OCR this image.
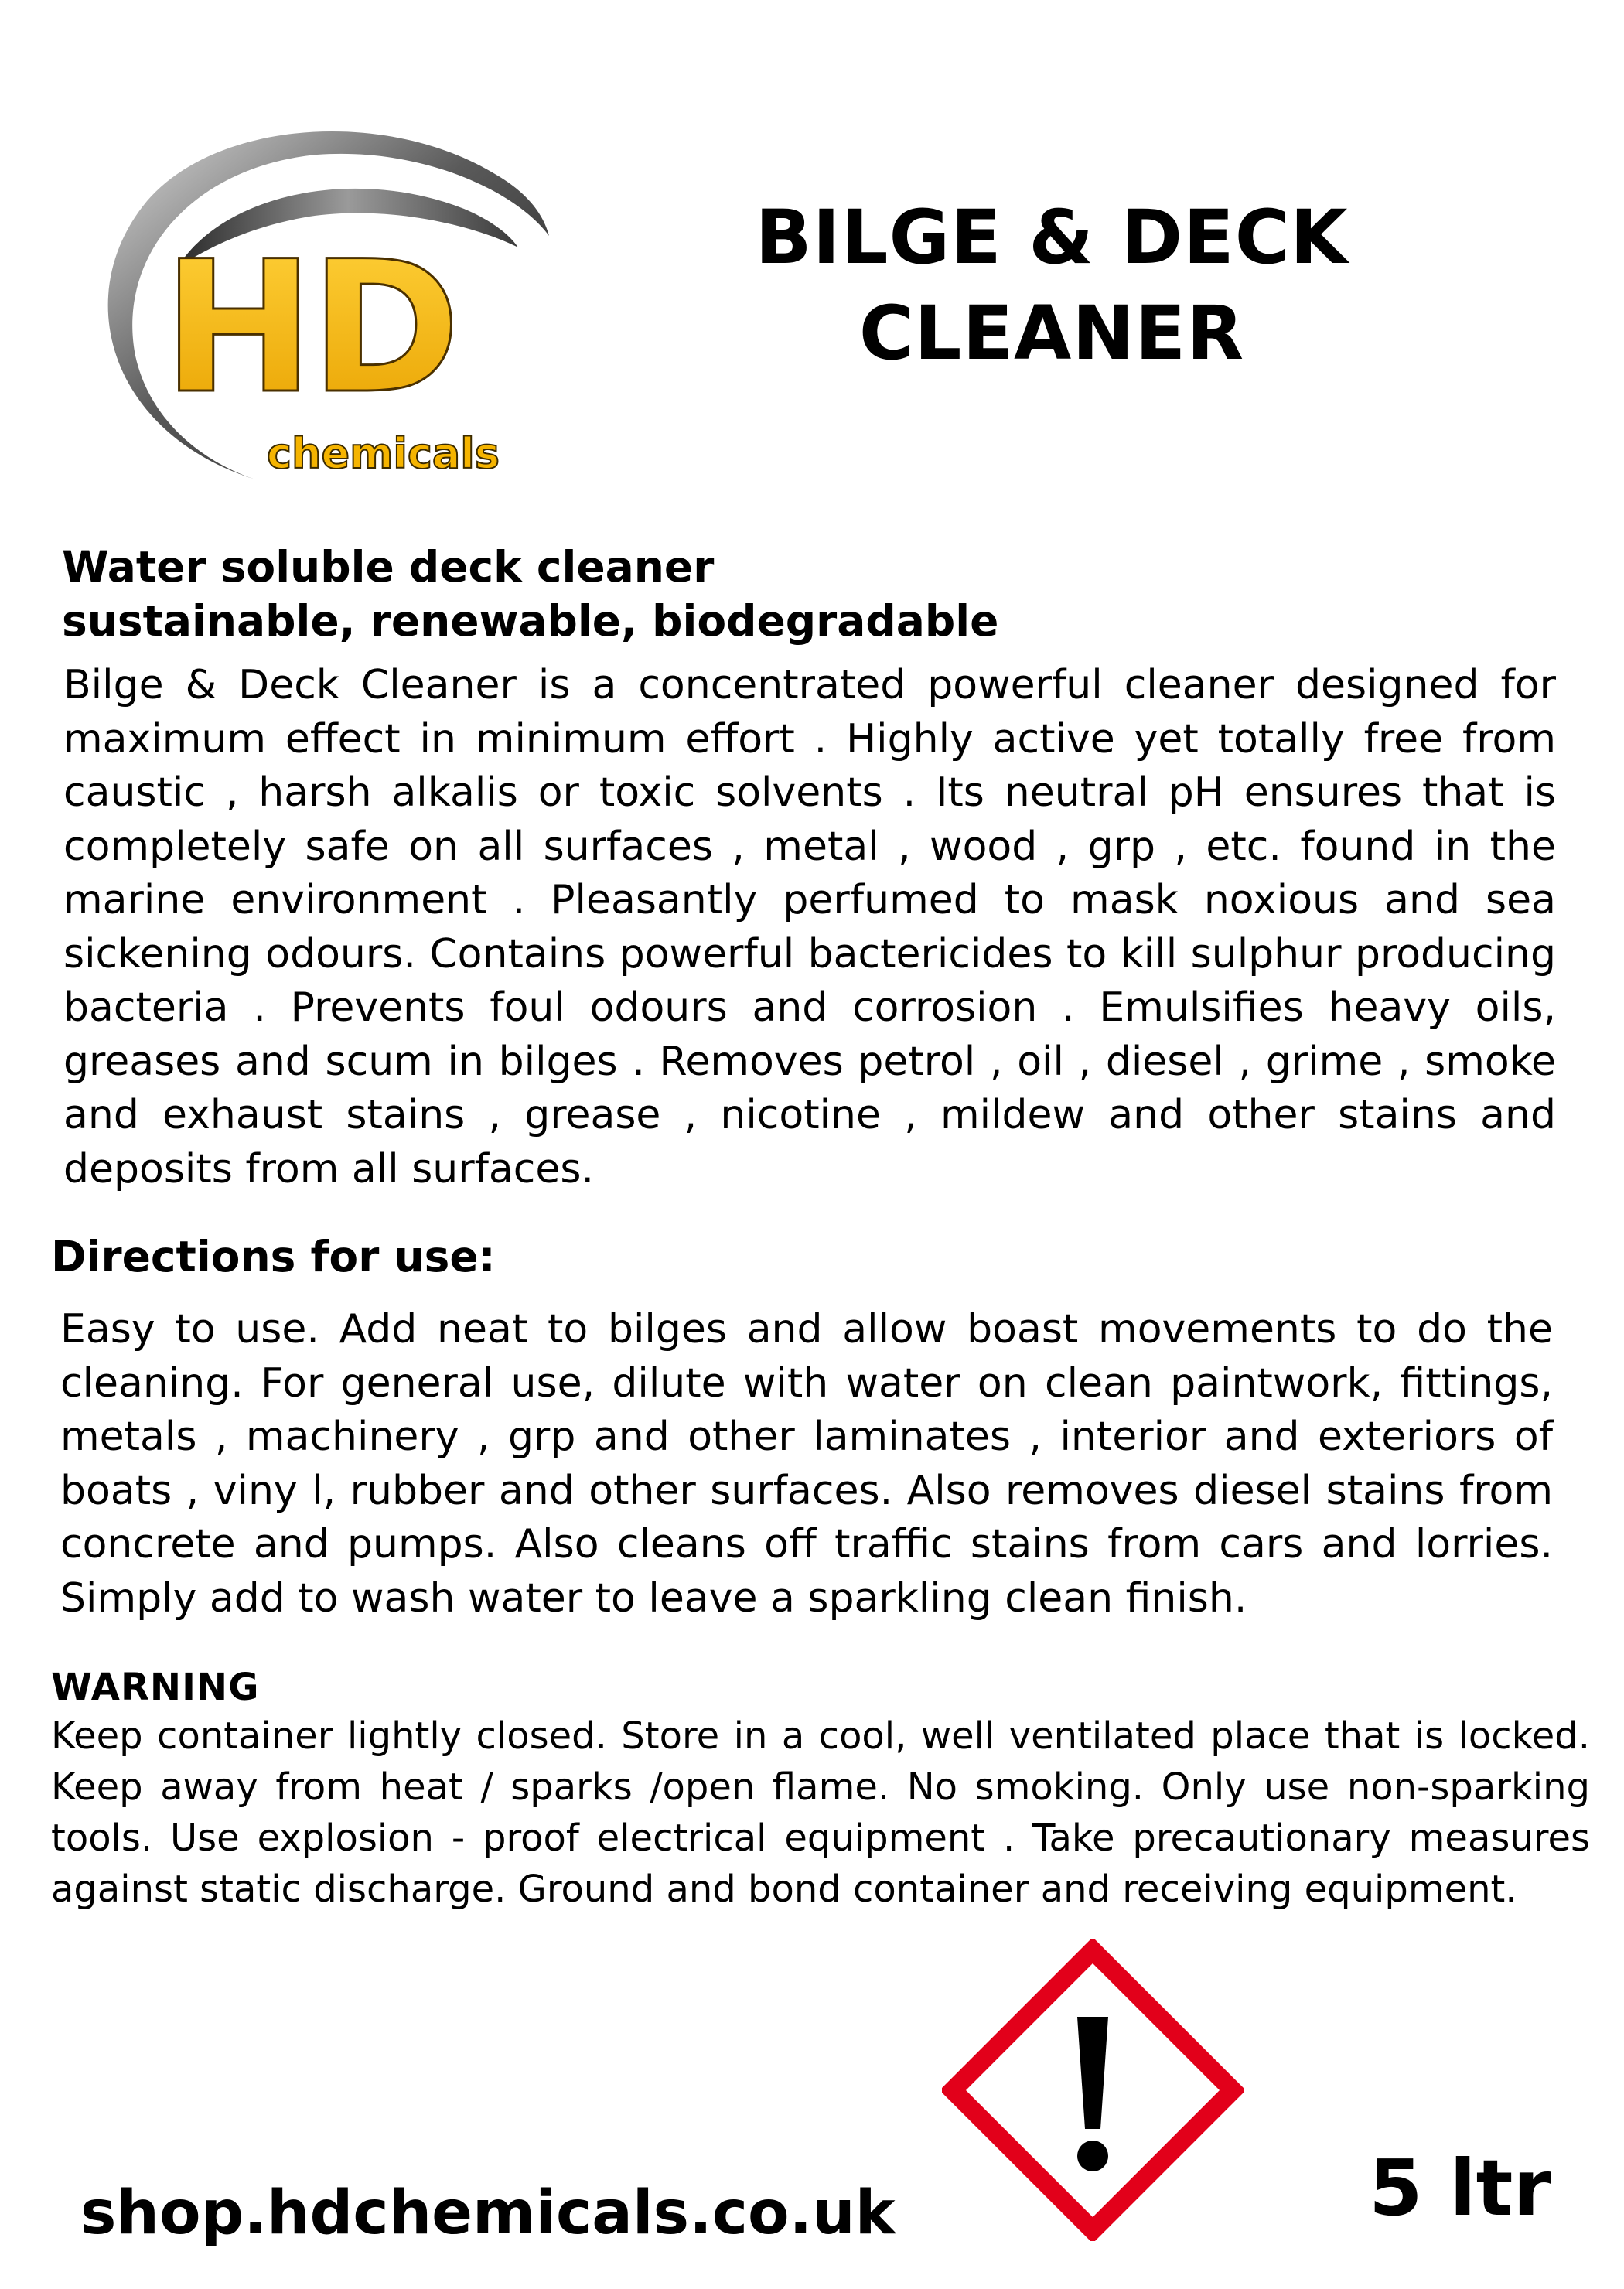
HD
chemicals
BILGE & DECK
CLEANER
Water soluble deck cleaner
sustainable, renewable, biodegradable
Bilge & Deck Cleaner is a concentrated powerful cleaner designed for maximum effect in minimum effort . Highly active yet totally free from caustic , harsh alkalis or toxic solvents . Its neutral pH ensures that is completely safe on all surfaces , metal , wood , grp , etc. found in the marine environment . Pleasantly perfumed to mask noxious and sea sickening odours. Contains powerful bactericides to kill sulphur producing bacteria . Prevents foul odours and corrosion . Emulsifies heavy oils, greases and scum in bilges . Removes petrol , oil , diesel , grime , smoke and exhaust stains , grease , nicotine , mildew and other stains and deposits from all surfaces.
Directions for use:
Easy to use. Add neat to bilges and allow boast movements to do the cleaning. For general use, dilute with water on clean paintwork, fittings, metals , machinery , grp and other laminates , interior and exteriors of boats , viny l, rubber and other surfaces. Also removes diesel stains from concrete and pumps. Also cleans off traffic stains from cars and lorries. Simply add to wash water to leave a sparkling clean finish.
WARNING
Keep container lightly closed. Store in a cool, well ventilated place that is locked. Keep away from heat / sparks /open flame. No smoking. Only use non-sparking tools. Use explosion - proof electrical equipment . Take precautionary measures against static discharge. Ground and bond container and receiving equipment.
shop.hdchemicals.co.uk	5 ltr
